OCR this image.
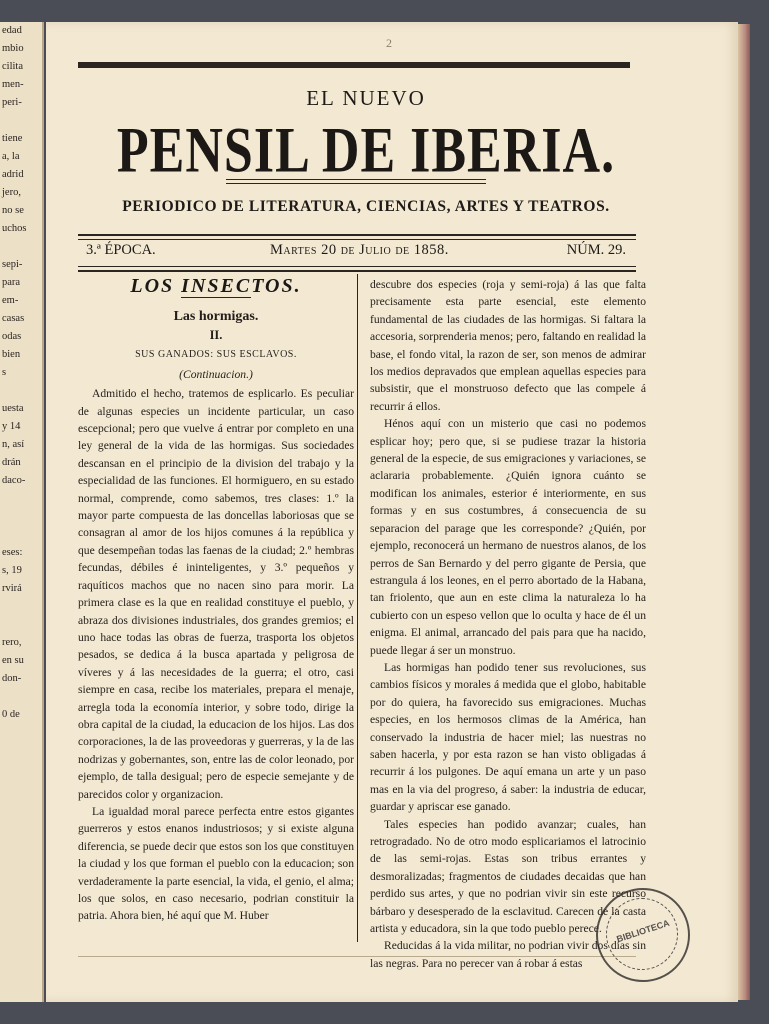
edad
mbio
cilita
men-
peri-

tiene
a, la
adrid
jero,
no se
uchos

sepi-
para
em-
casas
odas
bien
s

uesta
y 14
n, así
drán
daco-

eses:
s, 19
rvirá

rero,
en su
don-

0 de
2
EL NUEVO
PENSIL DE IBERIA.
PERIODICO DE LITERATURA, CIENCIAS, ARTES Y TEATROS.
3.ª ÉPOCA.	Martes 20 de Julio de 1858.	NÚM. 29.
LOS INSECTOS.
Las hormigas.
II.
SUS GANADOS: SUS ESCLAVOS.
(Continuacion.)

Admitido el hecho, tratemos de esplicarlo. Es peculiar de algunas especies un incidente particular, un caso escepcional; pero que vuelve á entrar por completo en una ley general de la vida de las hormigas. Sus sociedades descansan en el principio de la division del trabajo y la especialidad de las funciones. El hormiguero, en su estado normal, comprende, como sabemos, tres clases: 1.º la mayor parte compuesta de las doncellas laboriosas que se consagran al amor de los hijos comunes á la república y que desempeñan todas las faenas de la ciudad; 2.º hembras fecundas, débiles é ininteligentes, y 3.º pequeños y raquíticos machos que no nacen sino para morir. La primera clase es la que en realidad constituye el pueblo, y abraza dos divisiones industriales, dos grandes gremios; el uno hace todas las obras de fuerza, trasporta los objetos pesados, se dedica á la busca apartada y peligrosa de víveres y á las necesidades de la guerra; el otro, casi siempre en casa, recibe los materiales, prepara el menaje, arregla toda la economía interior, y sobre todo, dirige la obra capital de la ciudad, la educacion de los hijos. Las dos corporaciones, la de las proveedoras y guerreras, y la de las nodrizas y gobernantes, son, entre las de color leonado, por ejemplo, de talla desigual; pero de especie semejante y de parecidos color y organizacion.

La igualdad moral parece perfecta entre estos gigantes guerreros y estos enanos industriosos; y si existe alguna diferencia, se puede decir que estos son los que constituyen la ciudad y los que forman el pueblo con la educacion; son verdaderamente la parte esencial, la vida, el genio, el alma; los que solos, en caso necesario, podrian constituir la patria. Ahora bien, hé aquí que M. Huber

descubre dos especies (roja y semi-roja) á las que falta precisamente esta parte esencial, este elemento fundamental de las ciudades de las hormigas. Si faltara la accesoria, sorprenderia menos; pero, faltando en realidad la base, el fondo vital, la razon de ser, son menos de admirar los medios depravados que emplean aquellas especies para subsistir, que el monstruoso defecto que las compele á recurrir á ellos.

Hénos aquí con un misterio que casi no podemos esplicar hoy; pero que, si se pudiese trazar la historia general de la especie, de sus emigraciones y variaciones, se aclararia probablemente. ¿Quién ignora cuánto se modifican los animales, esterior é interiormente, en sus formas y en sus costumbres, á consecuencia de su separacion del parage que les corresponde? ¿Quién, por ejemplo, reconocerá un hermano de nuestros alanos, de los perros de San Bernardo y del perro gigante de Persia, que estrangula á los leones, en el perro abortado de la Habana, tan friolento, que aun en este clima la naturaleza lo ha cubierto con un espeso vellon que lo oculta y hace de él un enigma. El animal, arrancado del pais para que ha nacido, puede llegar á ser un monstruo.

Las hormigas han podido tener sus revoluciones, sus cambios físicos y morales á medida que el globo, habitable por do quiera, ha favorecido sus emigraciones. Muchas especies, en los hermosos climas de la América, han conservado la industria de hacer miel; las nuestras no saben hacerla, y por esta razon se han visto obligadas á recurrir á los pulgones. De aquí emana un arte y un paso mas en la via del progreso, á saber: la industria de educar, guardar y apriscar ese ganado.

Tales especies han podido avanzar; cuales, han retrogradado. No de otro modo esplicariamos el latrocinio de las semi-rojas. Estas son tribus errantes y desmoralizadas; fragmentos de ciudades decaidas que han perdido sus artes, y que no podrian vivir sin este recurso bárbaro y desesperado de la esclavitud. Carecen de la casta artista y educadora, sin la que todo pueblo perece.

Reducidas á la vida militar, no podrian vivir dos dias sin las negras. Para no perecer van á robar á estas

BIBLIOTECA
